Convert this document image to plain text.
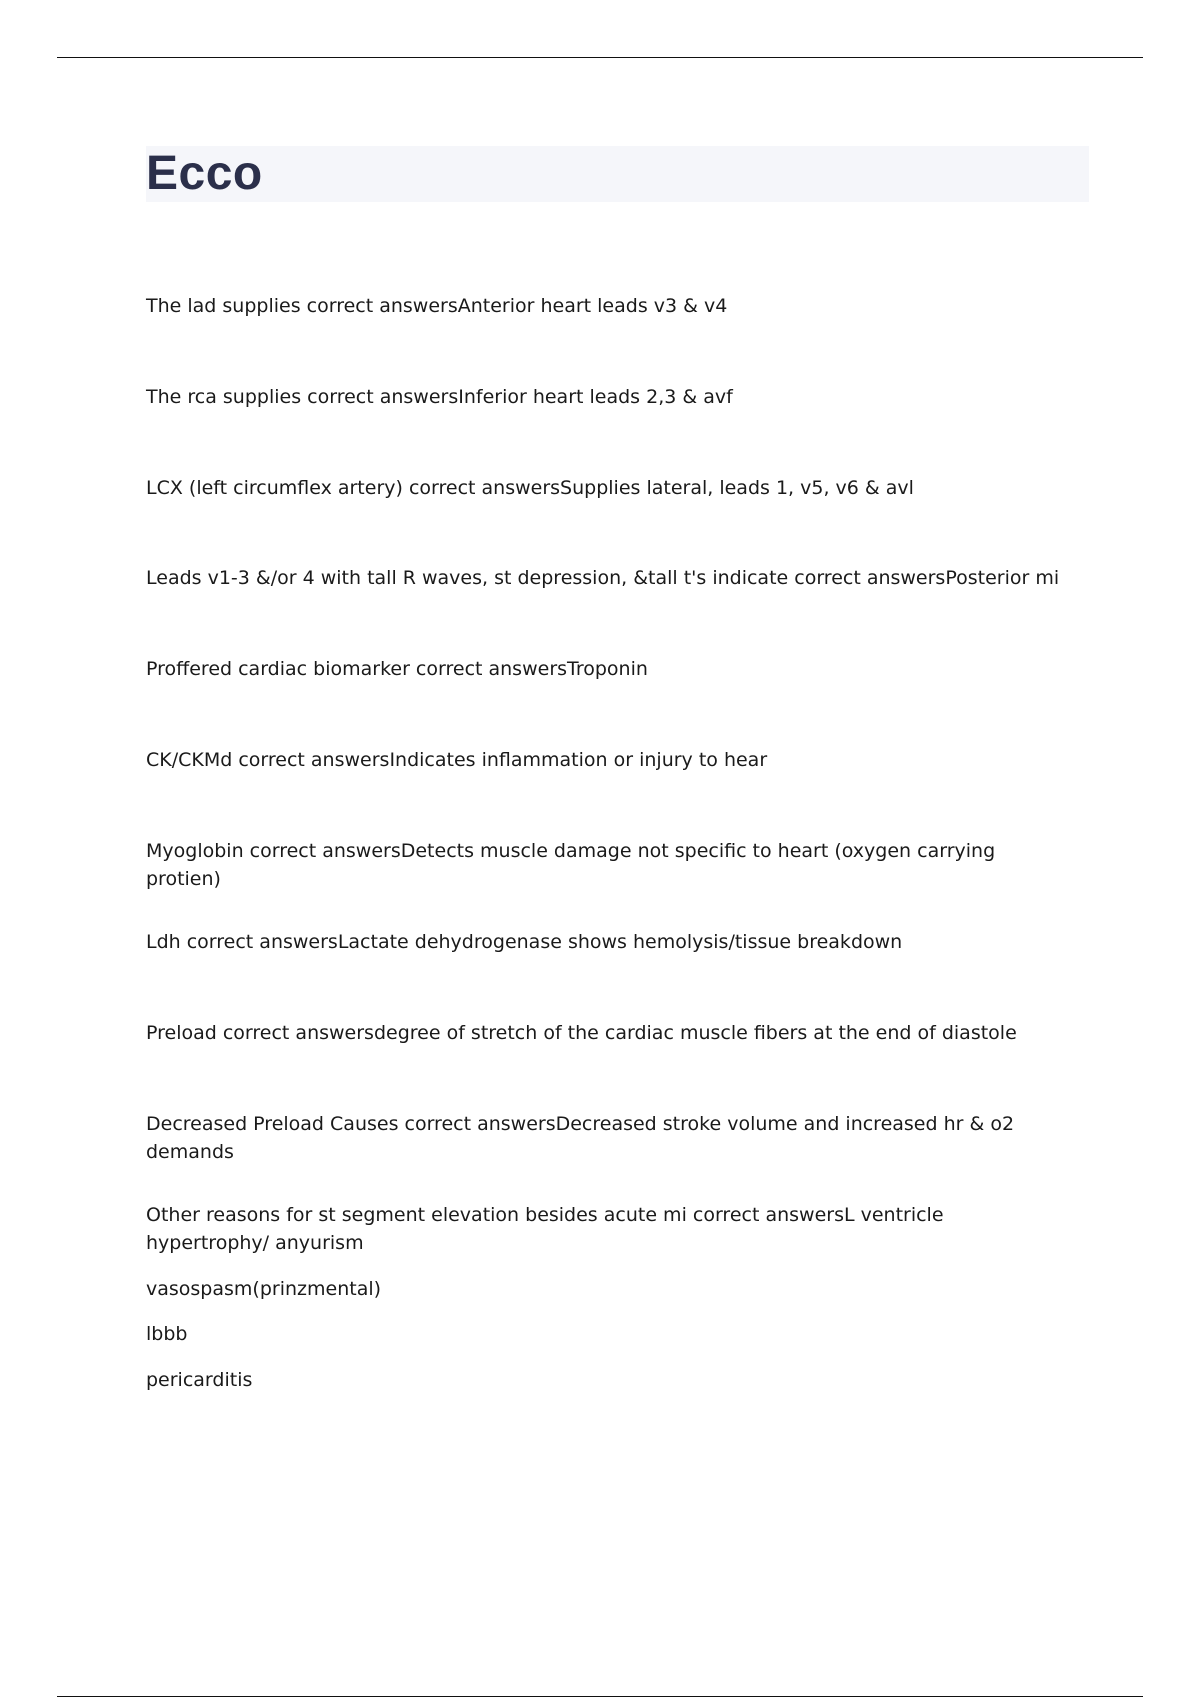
Ecco
The lad supplies correct answersAnterior heart leads v3 & v4
The rca supplies correct answersInferior heart leads 2,3 & avf
LCX (left circumflex artery) correct answersSupplies lateral, leads 1, v5, v6 & avl
Leads v1-3 &/or 4 with tall R waves, st depression, &tall t's indicate correct answersPosterior mi
Proffered cardiac biomarker correct answersTroponin
CK/CKMd correct answersIndicates inflammation or injury to hear
Myoglobin correct answersDetects muscle damage not specific to heart (oxygen carrying protien)
Ldh correct answersLactate dehydrogenase shows hemolysis/tissue breakdown
Preload correct answersdegree of stretch of the cardiac muscle fibers at the end of diastole
Decreased Preload Causes correct answersDecreased stroke volume and increased hr & o2 demands
Other reasons for st segment elevation besides acute mi correct answersL ventricle hypertrophy/ anyurism
vasospasm(prinzmental)
lbbb
pericarditis
